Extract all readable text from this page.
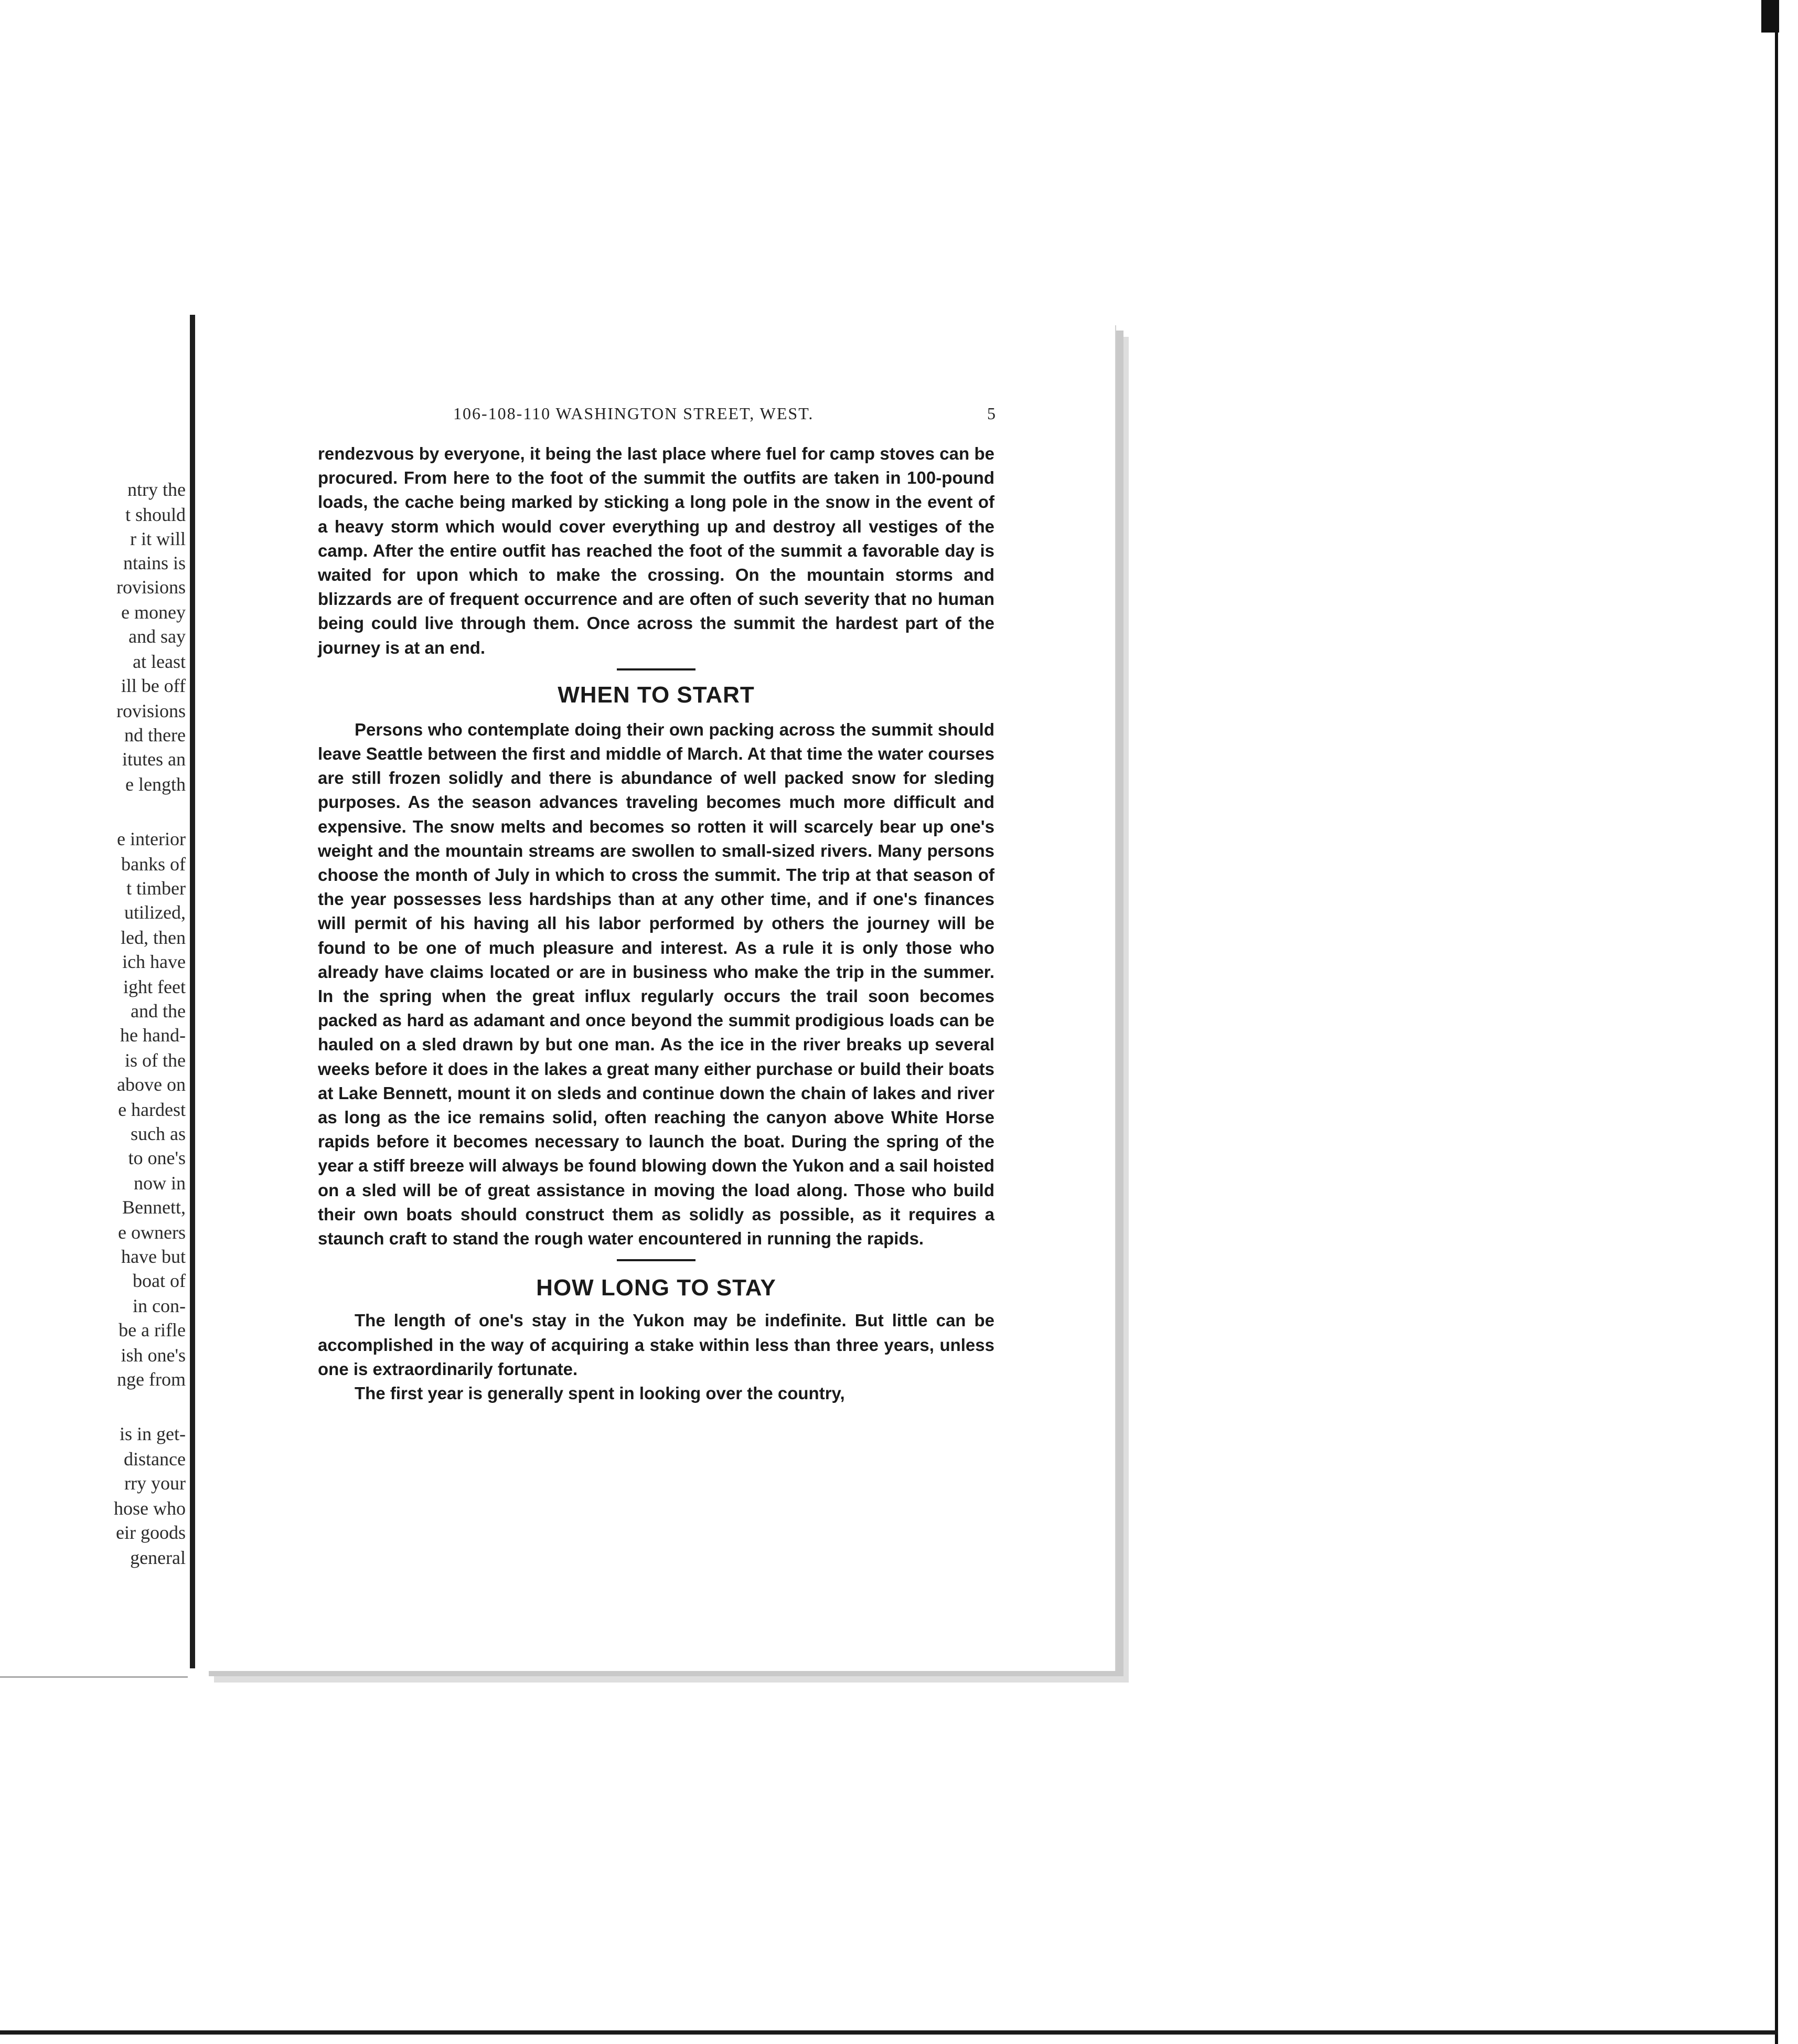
ntry the
t should
r it will
ntains is
rovisions
e money
and say
at least
ill be off
rovisions
nd there
itutes an
e length
e interior
banks of
t timber
utilized,
led, then
ich have
ight feet
and the
he hand-
is of the
above on
e hardest
such as
to one's
now in
Bennett,
e owners
have but
boat of
in con-
be a rifle
ish one's
nge from
is in get-
distance
rry your
hose who
eir goods
general
106-108-110 WASHINGTON STREET, WEST.	5

rendezvous by everyone, it being the last place where fuel for camp stoves can be procured. From here to the foot of the summit the outfits are taken in 100-pound loads, the cache being marked by sticking a long pole in the snow in the event of a heavy storm which would cover everything up and destroy all vestiges of the camp. After the entire outfit has reached the foot of the summit a favorable day is waited for upon which to make the crossing. On the mountain storms and blizzards are of frequent occurrence and are often of such severity that no human being could live through them. Once across the summit the hardest part of the journey is at an end.

WHEN TO START

Persons who contemplate doing their own packing across the summit should leave Seattle between the first and middle of March. At that time the water courses are still frozen solidly and there is abundance of well packed snow for sleding purposes. As the season advances traveling becomes much more difficult and expensive. The snow melts and becomes so rotten it will scarcely bear up one's weight and the mountain streams are swollen to small-sized rivers. Many persons choose the month of July in which to cross the summit. The trip at that season of the year possesses less hardships than at any other time, and if one's finances will permit of his having all his labor performed by others the journey will be found to be one of much pleasure and interest. As a rule it is only those who already have claims located or are in business who make the trip in the summer. In the spring when the great influx regularly occurs the trail soon becomes packed as hard as adamant and once beyond the summit prodigious loads can be hauled on a sled drawn by but one man. As the ice in the river breaks up several weeks before it does in the lakes a great many either purchase or build their boats at Lake Bennett, mount it on sleds and continue down the chain of lakes and river as long as the ice remains solid, often reaching the canyon above White Horse rapids before it becomes necessary to launch the boat. During the spring of the year a stiff breeze will always be found blowing down the Yukon and a sail hoisted on a sled will be of great assistance in moving the load along. Those who build their own boats should construct them as solidly as possible, as it requires a staunch craft to stand the rough water encountered in running the rapids.

HOW LONG TO STAY

The length of one's stay in the Yukon may be indefinite. But little can be accomplished in the way of acquiring a stake within less than three years, unless one is extraordinarily fortunate.

The first year is generally spent in looking over the country,
